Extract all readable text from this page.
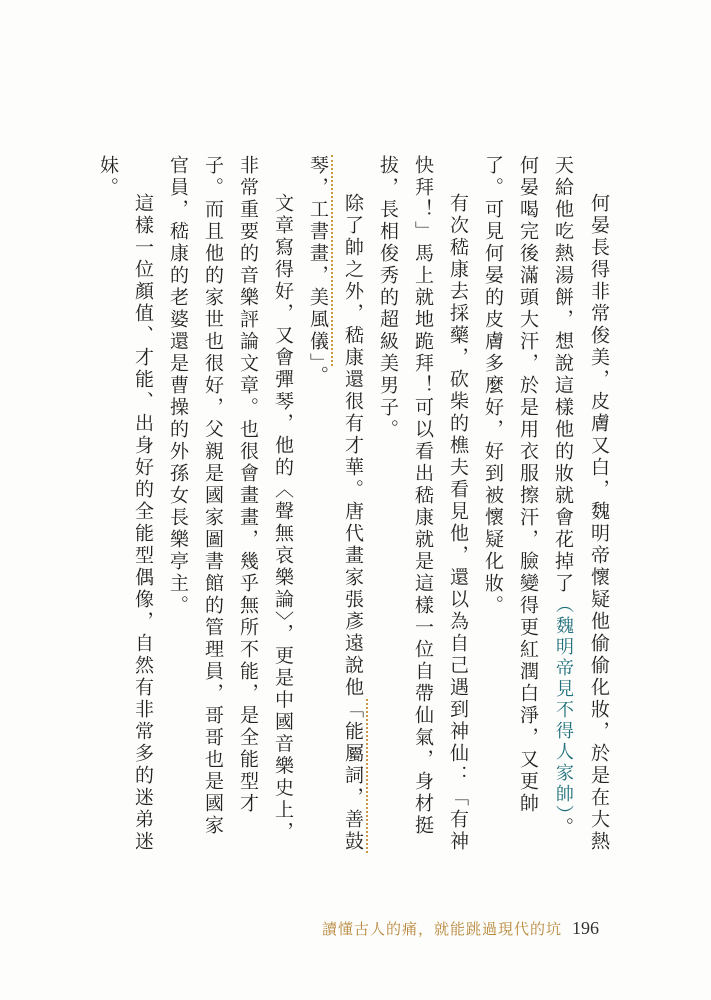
何晏長得非常俊美，皮膚又白，魏明帝懷疑他偷偷化妝，於是在大熱天給他吃熱湯餅，想說這樣他的妝就會花掉了（魏明帝見不得人家帥）。何晏喝完後滿頭大汗，於是用衣服擦汗，臉變得更紅潤白淨，又更帥了。可見何晏的皮膚多麼好，好到被懷疑化妝。

有次嵇康去採藥，砍柴的樵夫看見他，還以為自己遇到神仙：「有神快拜！」馬上就地跪拜！可以看出嵇康就是這樣一位自帶仙氣，身材挺拔，長相俊秀的超級美男子。

除了帥之外，嵇康還很有才華。唐代畫家張彥遠說他「能屬詞，善鼓琴，工書畫，美風儀」。

文章寫得好，又會彈琴，他的〈聲無哀樂論〉，更是中國音樂史上，非常重要的音樂評論文章。也很會畫畫，幾乎無所不能，是全能型才子。而且他的家世也很好，父親是國家圖書館的管理員，哥哥也是國家官員，嵇康的老婆還是曹操的外孫女長樂亭主。

這樣一位顏值、才能、出身好的全能型偶像，自然有非常多的迷弟迷妹。

讀懂古人的痛，就能跳過現代的坑 196
